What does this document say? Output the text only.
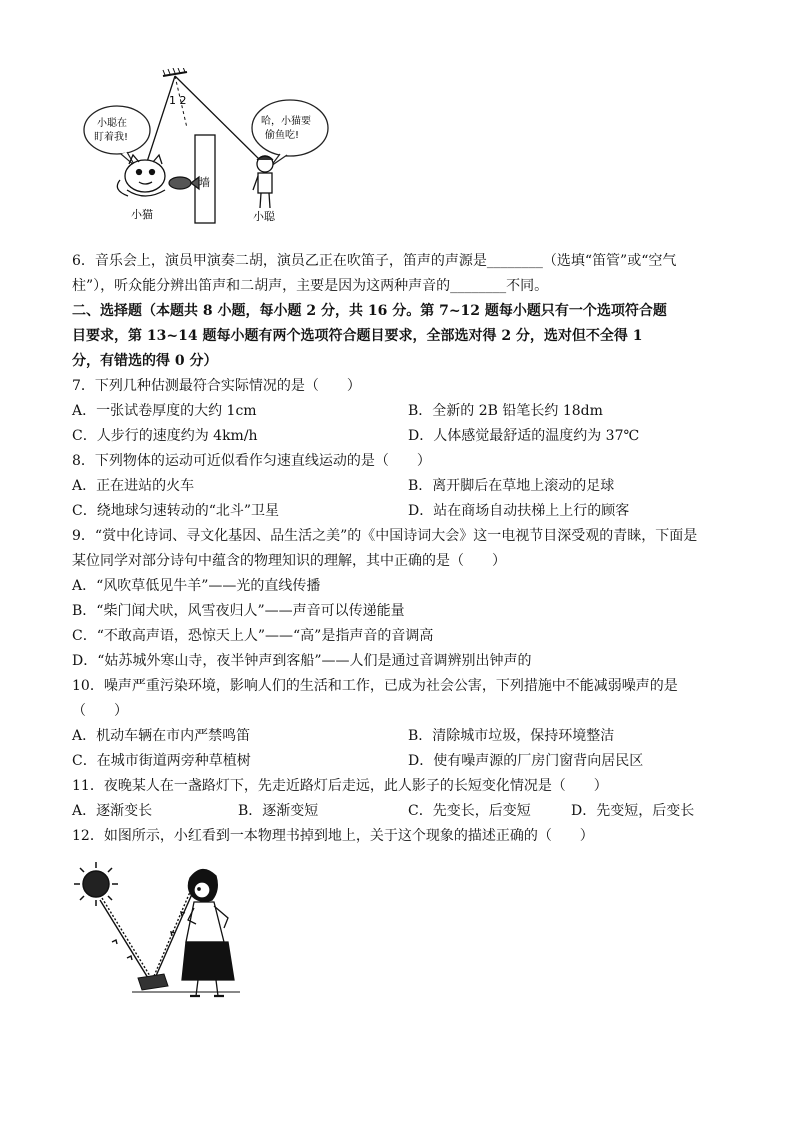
小聪在
盯着我!
哈，小猫要
偷鱼吃!
1 2
墙
小猫	小聪
6．音乐会上，演员甲演奏二胡，演员乙正在吹笛子，笛声的声源是________（选填“笛管”或“空气
柱”），听众能分辨出笛声和二胡声，主要是因为这两种声音的________不同。
二、选择题（本题共 8 小题，每小题 2 分，共 16 分。第 7~12 题每小题只有一个选项符合题
目要求，第 13~14 题每小题有两个选项符合题目要求，全部选对得 2 分，选对但不全得 1
分，有错选的得 0 分）
7．下列几种估测最符合实际情况的是（　　）
A．一张试卷厚度的大约 1cm	B．全新的 2B 铅笔长约 18dm
C．人步行的速度约为 4km/h	D．人体感觉最舒适的温度约为 37℃
8．下列物体的运动可近似看作匀速直线运动的是（　　）
A．正在进站的火车	B．离开脚后在草地上滚动的足球
C．绕地球匀速转动的“北斗”卫星	D．站在商场自动扶梯上上行的顾客
9．“赏中化诗词、寻文化基因、品生活之美”的《中国诗词大会》这一电视节目深受观的青睐，下面是
某位同学对部分诗句中蕴含的物理知识的理解，其中正确的是（　　）
A．“风吹草低见牛羊”——光的直线传播
B．“柴门闻犬吠，风雪夜归人”——声音可以传递能量
C．“不敢高声语，恐惊天上人”——“高”是指声音的音调高
D．“姑苏城外寒山寺，夜半钟声到客船”——人们是通过音调辨别出钟声的
10．噪声严重污染环境，影响人们的生活和工作，已成为社会公害，下列措施中不能减弱噪声的是
（　　）
A．机动车辆在市内严禁鸣笛	B．清除城市垃圾，保持环境整洁
C．在城市街道两旁种草植树	D．使有噪声源的厂房门窗背向居民区
11．夜晚某人在一盏路灯下，先走近路灯后走远，此人影子的长短变化情况是（　　）
A．逐渐变长	B．逐渐变短	C．先变长，后变短	D．先变短，后变长
12．如图所示，小红看到一本物理书掉到地上，关于这个现象的描述正确的（　　）
